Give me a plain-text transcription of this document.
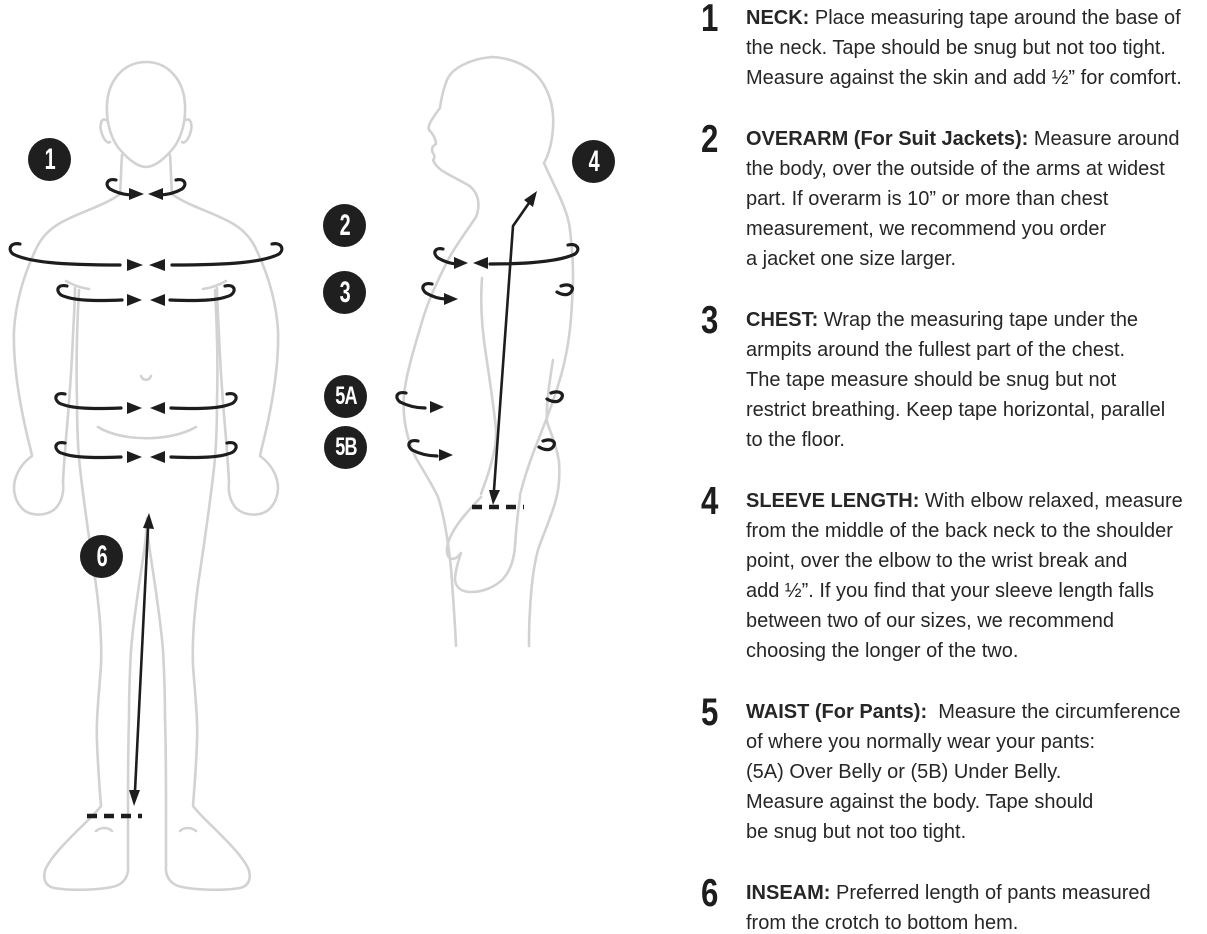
1
2
3
4
5A
5B
6
1	NECK: Place measuring tape around the base of
the neck. Tape should be snug but not too tight.
Measure against the skin and add ½” for comfort.
2	OVERARM (For Suit Jackets): Measure around
the body, over the outside of the arms at widest
part. If overarm is 10” or more than chest
measurement, we recommend you order
a jacket one size larger.
3	CHEST: Wrap the measuring tape under the
armpits around the fullest part of the chest.
The tape measure should be snug but not
restrict breathing. Keep tape horizontal, parallel
to the floor.
4	SLEEVE LENGTH: With elbow relaxed, measure
from the middle of the back neck to the shoulder
point, over the elbow to the wrist break and
add ½”. If you find that your sleeve length falls
between two of our sizes, we recommend
choosing the longer of the two.
5	WAIST (For Pants):  Measure the circumference
of where you normally wear your pants:
(5A) Over Belly or (5B) Under Belly.
Measure against the body. Tape should
be snug but not too tight.
6	INSEAM: Preferred length of pants measured
from the crotch to bottom hem.
